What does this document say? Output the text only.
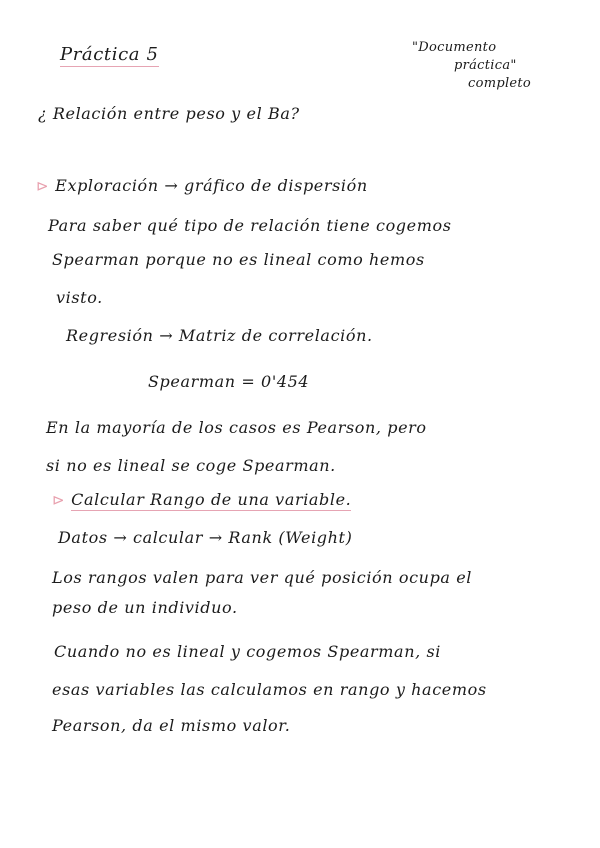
Práctica 5	"Documento
práctica"
completo
¿ Relación entre peso y el Ba?
⊳ Exploración → gráfico de dispersión
Para saber qué tipo de relación tiene cogemos
Spearman porque no es lineal como hemos
visto.
Regresión → Matriz de correlación.
Spearman = 0'454
En la mayoría de los casos es Pearson, pero
si no es lineal se coge Spearman.
⊳ Calcular Rango de una variable.
Datos → calcular → Rank (Weight)
Los rangos valen para ver qué posición ocupa el
peso de un individuo.
Cuando no es lineal y cogemos Spearman, si
esas variables las calculamos en rango y hacemos
Pearson, da el mismo valor.
